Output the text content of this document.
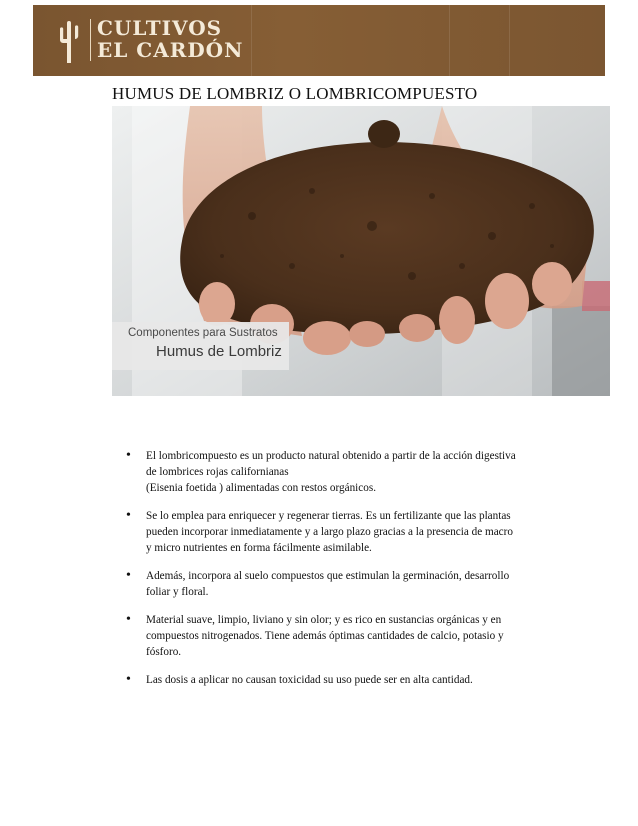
CULTIVOS
EL CARDÓN
HUMUS DE LOMBRIZ O LOMBRICOMPUESTO
Componentes para Sustratos
Humus de Lombriz
• El lombricompuesto es un producto natural obtenido a partir de la acción digestiva
de lombrices rojas californianas
(Eisenia foetida ) alimentadas con restos orgánicos.
• Se lo emplea para enriquecer y regenerar tierras. Es un fertilizante que las plantas
pueden incorporar inmediatamente y a largo plazo gracias a la presencia de macro
y micro nutrientes en forma fácilmente asimilable.
• Además, incorpora al suelo compuestos que estimulan la germinación, desarrollo
foliar y floral.
• Material suave, limpio, liviano y sin olor; y es rico en sustancias orgánicas y en
compuestos nitrogenados. Tiene además óptimas cantidades de calcio, potasio y
fósforo.
• Las dosis a aplicar no causan toxicidad su uso puede ser en alta cantidad.
